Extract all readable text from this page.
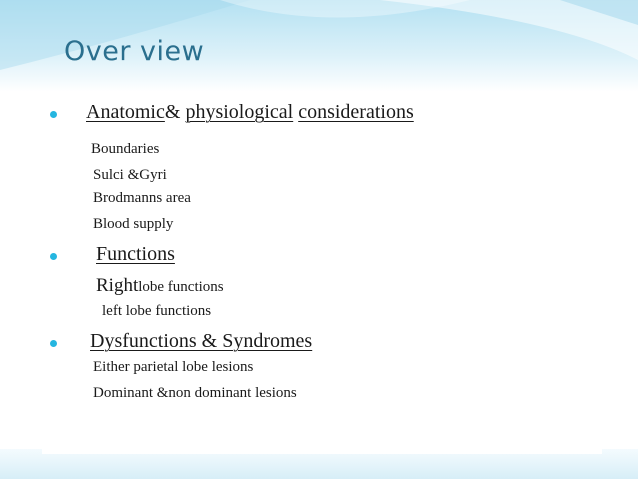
Over view
Anatomic& physiological considerations
Boundaries
Sulci &Gyri
Brodmanns area
Blood supply
Functions
Rightlobe functions
left lobe functions
Dysfunctions & Syndromes
Either parietal lobe lesions
Dominant &non dominant lesions
